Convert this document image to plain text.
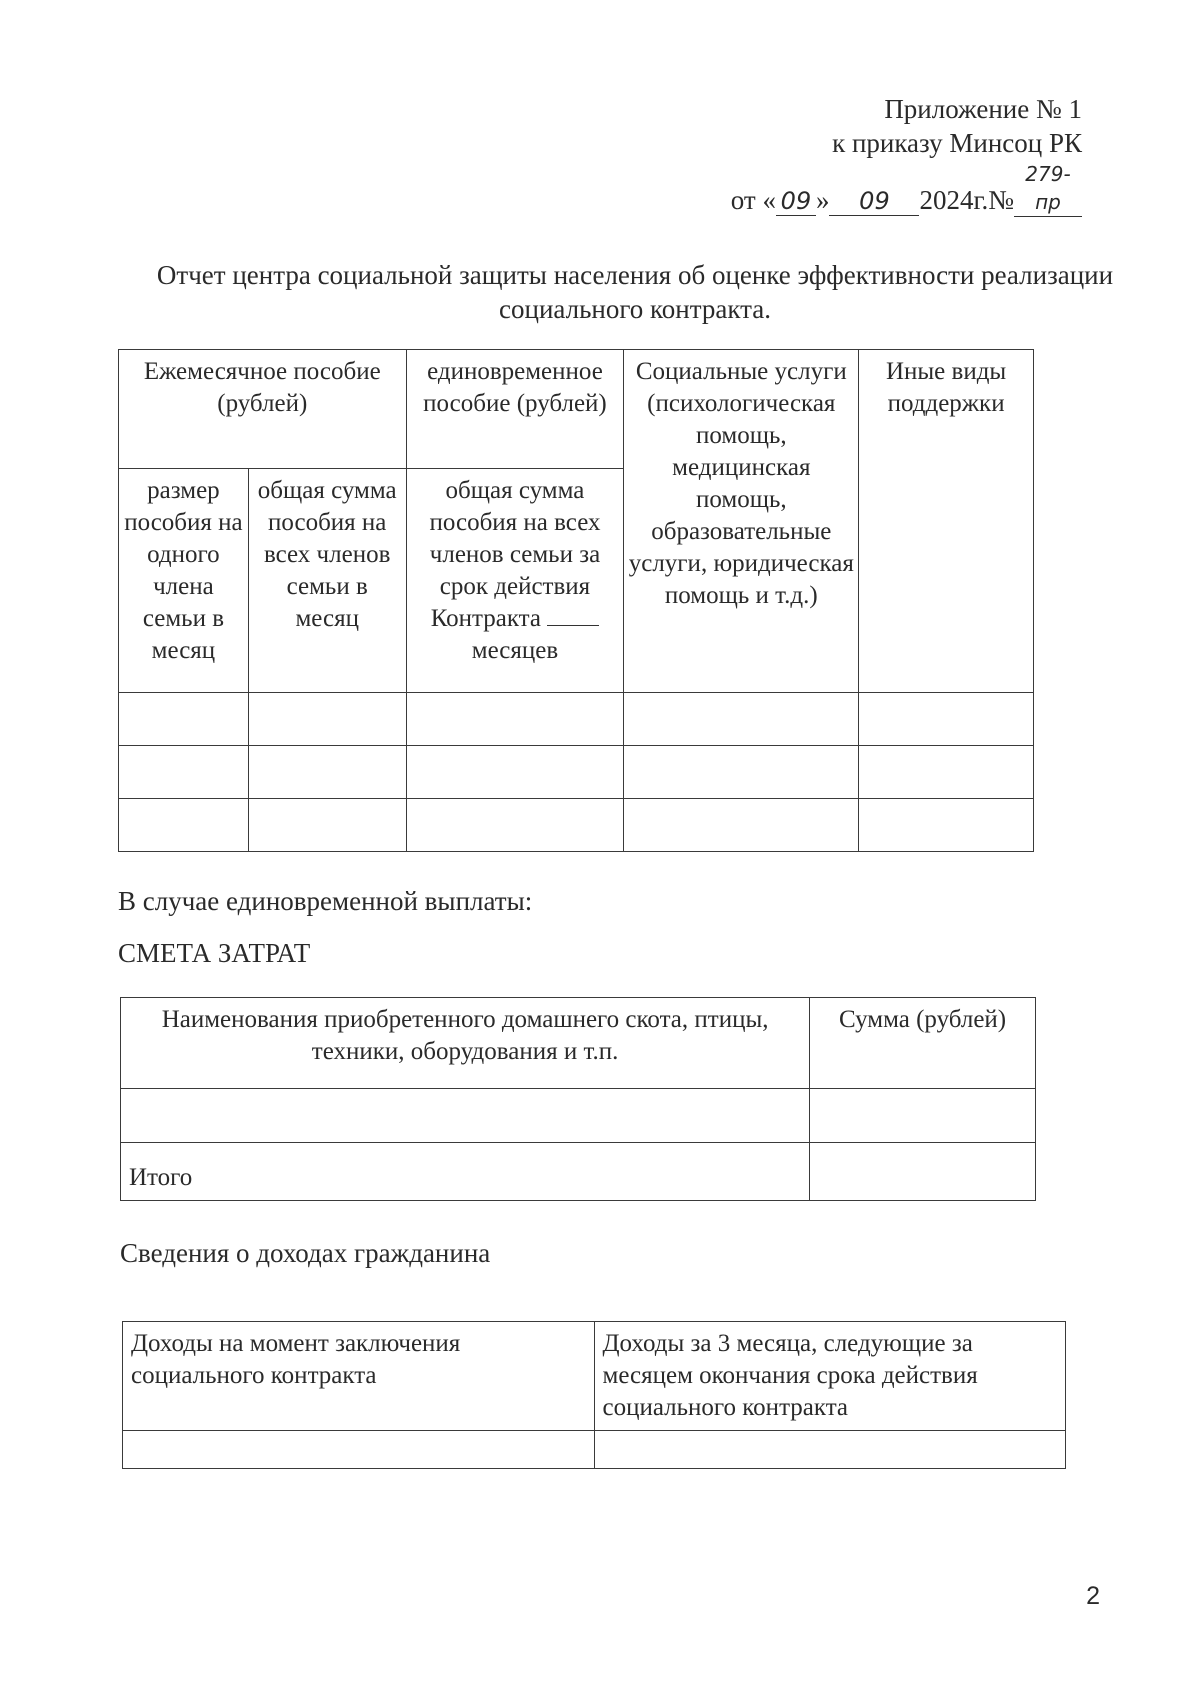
Приложение № 1
к приказу Минсоц РК
от « 09 » 09 2024г.№279-пр
Отчет центра социальной защиты населения об оценке эффективности реализации
социального контракта.
Ежемесячное пособие (рублей)		единовременное пособие (рублей)	Социальные услуги (психологическая помощь, медицинская помощь, образовательные услуги, юридическая помощь и т.д.)	Иные виды поддержки
размер пособия на одного члена семьи в месяц	общая сумма пособия на всех членов семьи в месяц	общая сумма пособия на всех членов семьи за срок действия Контракта  месяцев		

В случае единовременной выплаты:
СМЕТА ЗАТРАТ
Наименования приобретенного домашнего скота, птицы, техники, оборудования и т.п.	Сумма (рублей)

Итого	
Сведения о доходах гражданина
Доходы на момент заключения социального контракта	Доходы за 3 месяца, следующие за месяцем окончания срока действия социального контракта

2
